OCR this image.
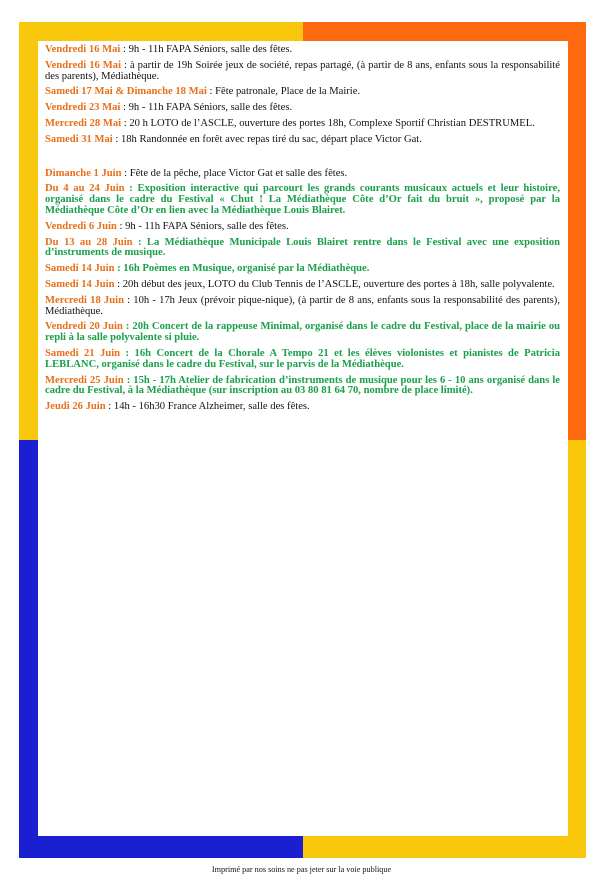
Vendredi 16 Mai : 9h - 11h FAPA Séniors, salle des fêtes.

Vendredi 16 Mai : à partir de 19h Soirée jeux de société, repas partagé, (à partir de 8 ans, enfants sous la responsabilité des parents), Médiathèque.

Samedi 17 Mai & Dimanche 18 Mai : Fête patronale, Place de la Mairie.

Vendredi 23 Mai : 9h - 11h FAPA Séniors, salle des fêtes.

Mercredi 28 Mai : 20 h LOTO de l’ASCLE, ouverture des portes 18h, Complexe Sportif Christian DESTRUMEL.

Samedi 31 Mai : 18h Randonnée en forêt avec repas tiré du sac, départ place Victor Gat.

Dimanche 1 Juin : Fête de la pêche, place Victor Gat et salle des fêtes.

Du 4 au 24 Juin : Exposition interactive qui parcourt les grands courants musicaux actuels et leur histoire, organisé dans le cadre du Festival « Chut ! La Médiathèque Côte d’Or fait du bruit », proposé par la Médiathèque Côte d’Or en lien avec la Médiathèque Louis Blairet.

Vendredi 6 Juin : 9h - 11h FAPA Séniors, salle des fêtes.

Du 13 au 28 Juin : La Médiathèque Municipale Louis Blairet rentre dans le Festival avec une exposition d’instruments de musique.

Samedi 14 Juin : 16h Poèmes en Musique, organisé par la Médiathèque.

Samedi 14 Juin : 20h début des jeux, LOTO du Club Tennis de l’ASCLE, ouverture des portes à 18h, salle polyvalente.

Mercredi 18 Juin : 10h - 17h Jeux (prévoir pique-nique), (à partir de 8 ans, enfants sous la responsabilité des parents), Médiathèque.

Vendredi 20 Juin : 20h Concert de la rappeuse Minimal, organisé dans le cadre du Festival, place de la mairie ou repli à la salle polyvalente si pluie.

Samedi 21 Juin : 16h Concert de la Chorale A Tempo 21 et les élèves violonistes et pianistes de Patricia LEBLANC, organisé dans le cadre du Festival, sur le parvis de la Médiathèque.

Mercredi 25 Juin : 15h - 17h Atelier de fabrication d’instruments de musique pour les 6 - 10 ans organisé dans le cadre du Festival, à la Médiathèque (sur inscription au 03 80 81 64 70, nombre de place limité).

Jeudi 26 Juin : 14h - 16h30 France Alzheimer, salle des fêtes.

Imprimé par nos soins ne pas jeter sur la voie publique
